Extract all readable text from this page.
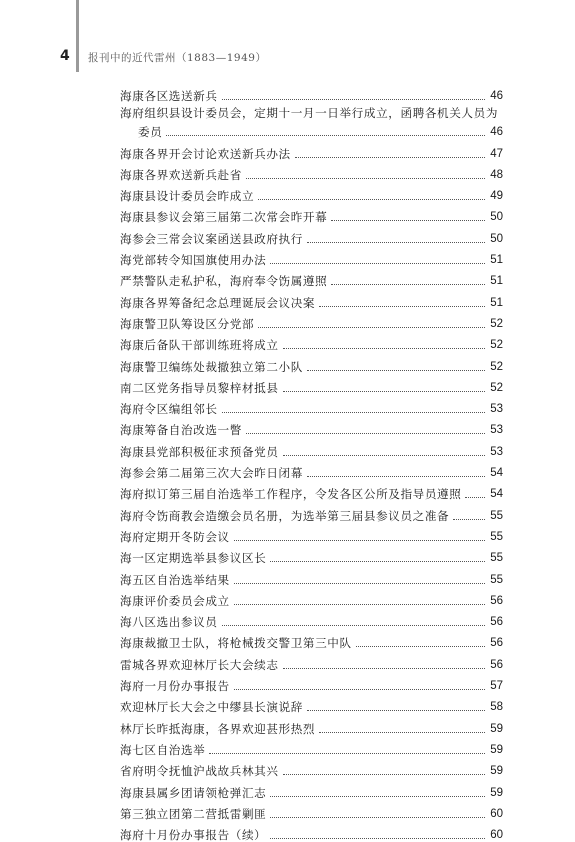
4 报刊中的近代雷州（1883—1949）
海康各区选送新兵	46
海府组织县设计委员会，定期十一月一日举行成立，函聘各机关人员为
委员	46
海康各界开会讨论欢送新兵办法	47
海康各界欢送新兵赴省	48
海康县设计委员会昨成立	49
海康县参议会第三届第二次常会昨开幕	50
海参会三常会议案函送县政府执行	50
海党部转令知国旗使用办法	51
严禁警队走私护私，海府奉令饬属遵照	51
海康各界筹备纪念总理诞辰会议决案	51
海康警卫队筹设区分党部	52
海康后备队干部训练班将成立	52
海康警卫编练处裁撤独立第二小队	52
南二区党务指导员黎梓材抵县	52
海府令区编组邻长	53
海康筹备自治改选一瞥	53
海康县党部积极征求预备党员	53
海参会第二届第三次大会昨日闭幕	54
海府拟订第三届自治选举工作程序，令发各区公所及指导员遵照	54
海府令饬商教会造缴会员名册，为选举第三届县参议员之准备	55
海府定期开冬防会议	55
海一区定期选举县参议区长	55
海五区自治选举结果	55
海康评价委员会成立	56
海八区选出参议员	56
海康裁撤卫士队，将枪械拨交警卫第三中队	56
雷城各界欢迎林厅长大会续志	56
海府一月份办事报告	57
欢迎林厅长大会之中缪县长演说辞	58
林厅长昨抵海康，各界欢迎甚形热烈	59
海七区自治选举	59
省府明令抚恤沪战故兵林其兴	59
海康县属乡团请领枪弹汇志	59
第三独立团第二营抵雷剿匪	60
海府十月份办事报告（续）	60
